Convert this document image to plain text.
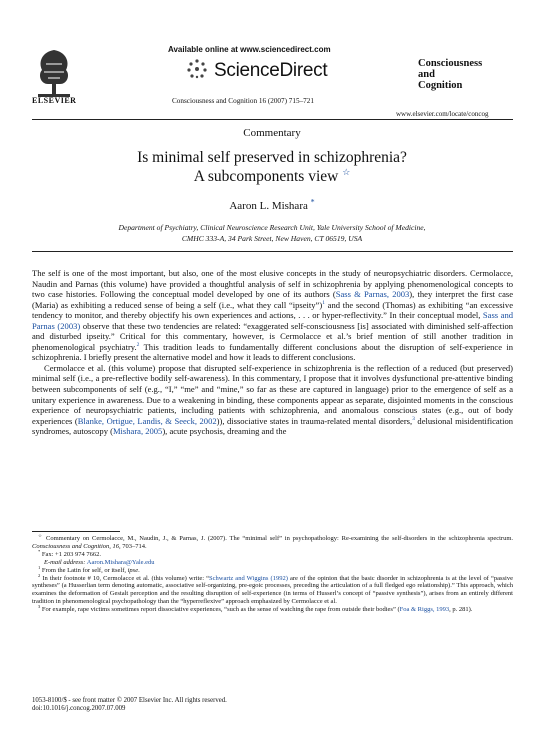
ELSEVIER
Available online at www.sciencedirect.com
ScienceDirect
Consciousness and Cognition 16 (2007) 715–721
Consciousness
and
Cognition
www.elsevier.com/locate/concog
Commentary
Is minimal self preserved in schizophrenia?
A subcomponents view ☆
Aaron L. Mishara *
Department of Psychiatry, Clinical Neuroscience Research Unit, Yale University School of Medicine,
CMHC 333-A, 34 Park Street, New Haven, CT 06519, USA

The self is one of the most important, but also, one of the most elusive concepts in the study of neuropsychiatric disorders. Cermolacce, Naudin and Parnas (this volume) have provided a thoughtful analysis of self in schizophrenia by applying phenomenological concepts to two case histories. Following the conceptual model developed by one of its authors (Sass & Parnas, 2003), they interpret the first case (Maria) as exhibiting a reduced sense of being a self (i.e., what they call “ipseity”)$^1$ and the second (Thomas) as exhibiting “an excessive tendency to monitor, and thereby objectify his own experiences and actions, . . . or hyper-reflectivity.” In their conceptual model, Sass and Parnas (2003) observe that these two tendencies are related: “exaggerated self-consciousness [is] associated with diminished self-affection and disturbed ipseity.” Critical for this commentary, however, is Cermolacce et al.’s brief mention of still another tradition in phenomenological psychiatry.$^2$ This tradition leads to fundamentally different conclusions about the disruption of self-experience in schizophrenia. I briefly present the alternative model and how it leads to different conclusions.

Cermolacce et al. (this volume) propose that disrupted self-experience in schizophrenia is the reflection of a reduced (but preserved) minimal self (i.e., a pre-reflective bodily self-awareness). In this commentary, I propose that it involves dysfunctional pre-attentive binding between subcomponents of self (e.g., “I,” “me” and “mine,” so far as these are captured in language) prior to the emergence of self as a unitary experience in awareness. Due to a weakening in binding, these components appear as separate, disjointed moments in the conscious experience of neuropsychiatric patients, including patients with schizophrenia, and anomalous conscious states (e.g., out of body experiences (Blanke, Ortigue, Landis, & Seeck, 2002)), dissociative states in trauma-related mental disorders,$^3$ delusional misidentification syndromes, autoscopy (Mishara, 2005), acute psychosis, dreaming and the

☆ Commentary on Cermolacce, M., Naudin, J., & Parnas, J. (2007). The “minimal self” in psychopathology: Re-examining the self-disorders in the schizophrenia spectrum. Consciousness and Cognition, 16, 703–714.

* Fax: +1 203 974 7662.

E-mail address: Aaron.Mishara@Yale.edu

$^1$ From the Latin for self, or itself, ipse.

$^2$ In their footnote # 10, Cermolacce et al. (this volume) write: “Schwartz and Wiggins (1992) are of the opinion that the basic disorder in schizophrenia is at the level of “passive syntheses” (a Husserlian term denoting automatic, associative self-organizing, pre-egoic processes, preceding the articulation of a full fledged ego relationship).” This approach, which examines the deformation of Gestalt perception and the resulting disruption of self-experience (in terms of Husserl’s concept of “passive synthesis”), arises from an entirely different tradition in phenomenological psychopathology than the “hyperreflexive” approach emphasized by Cermolacce et al.

$^3$ For example, rape victims sometimes report dissociative experiences, “such as the sense of watching the rape from outside their bodies” (Foa & Riggs, 1993, p. 281).

1053-8100/$ - see front matter © 2007 Elsevier Inc. All rights reserved.
doi:10.1016/j.concog.2007.07.009
